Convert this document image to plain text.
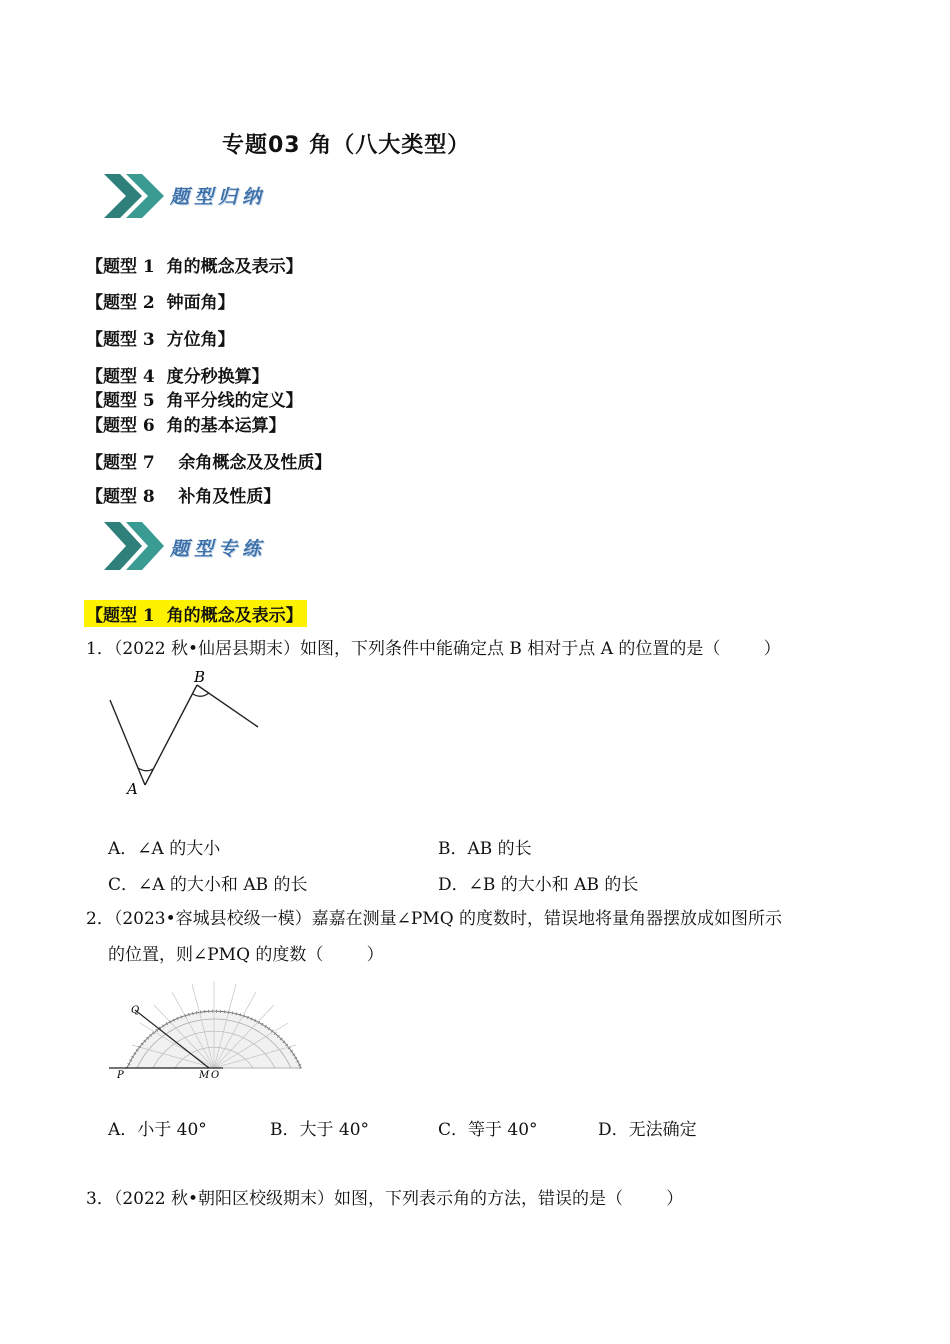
专题03 角（八大类型）
题型归纳
【题型 1  角的概念及表示】
【题型 2  钟面角】
【题型 3  方位角】
【题型 4  度分秒换算】
【题型 5  角平分线的定义】
【题型 6  角的基本运算】
【题型 7    余角概念及及性质】
【题型 8    补角及性质】
题型专练
【题型 1  角的概念及表示】
1．（2022 秋•仙居县期末）如图，下列条件中能确定点 B 相对于点 A 的位置的是（        ）
B
A
A．∠A 的大小	B．AB 的长
C．∠A 的大小和 AB 的长	D．∠B 的大小和 AB 的长
2．（2023•容城县校级一模）嘉嘉在测量∠PMQ 的度数时，错误地将量角器摆放成如图所示
的位置，则∠PMQ 的度数（        ）
Q
P	M O
A．小于 40°	B．大于 40°	C．等于 40°	D．无法确定
3．（2022 秋•朝阳区校级期末）如图，下列表示角的方法，错误的是（        ）
